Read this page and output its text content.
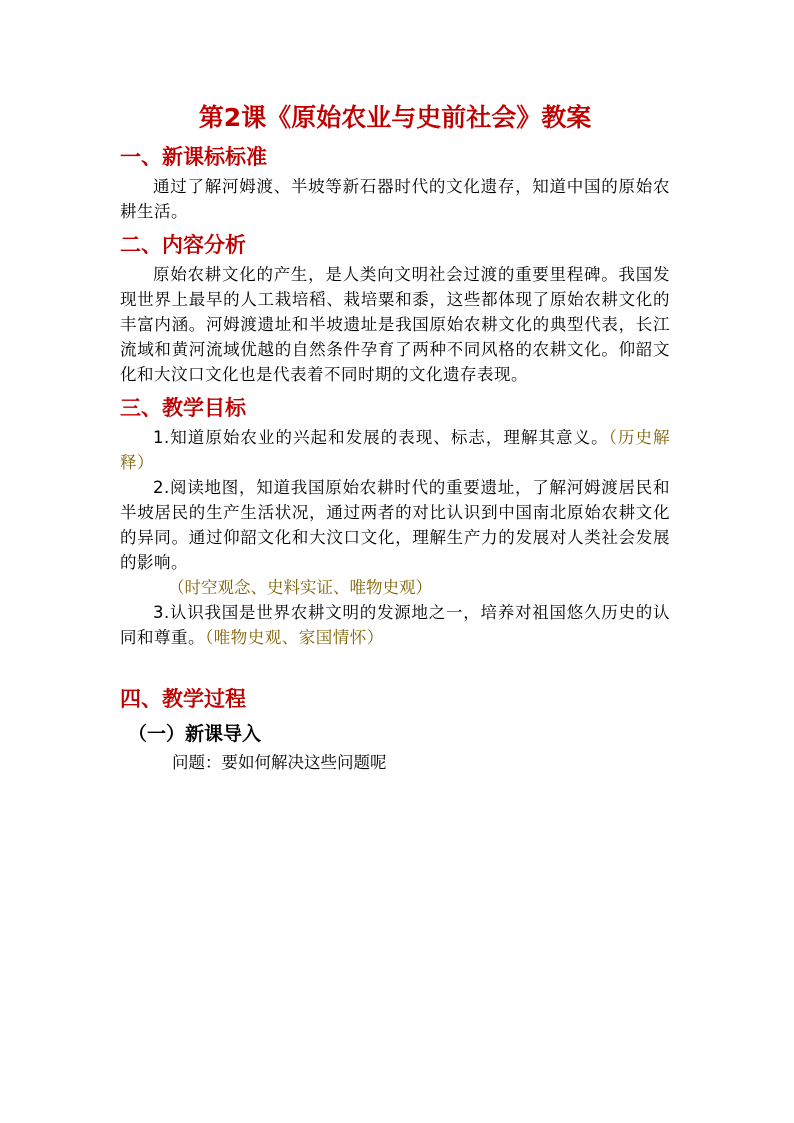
第2课《原始农业与史前社会》教案
一、新课标标准

通过了解河姆渡、半坡等新石器时代的文化遗存，知道中国的原始农耕生活。

二、内容分析

原始农耕文化的产生，是人类向文明社会过渡的重要里程碑。我国发现世界上最早的人工栽培稻、栽培粟和黍，这些都体现了原始农耕文化的丰富内涵。河姆渡遗址和半坡遗址是我国原始农耕文化的典型代表，长江流域和黄河流域优越的自然条件孕育了两种不同风格的农耕文化。仰韶文化和大汶口文化也是代表着不同时期的文化遗存表现。

三、教学目标

1.知道原始农业的兴起和发展的表现、标志，理解其意义。（历史解释）

2.阅读地图，知道我国原始农耕时代的重要遗址，了解河姆渡居民和半坡居民的生产生活状况，通过两者的对比认识到中国南北原始农耕文化的异同。通过仰韶文化和大汶口文化，理解生产力的发展对人类社会发展的影响。

（时空观念、史料实证、唯物史观）

3.认识我国是世界农耕文明的发源地之一，培养对祖国悠久历史的认同和尊重。（唯物史观、家国情怀）

四、教学过程
（一）新课导入

问题：要如何解决这些问题呢
